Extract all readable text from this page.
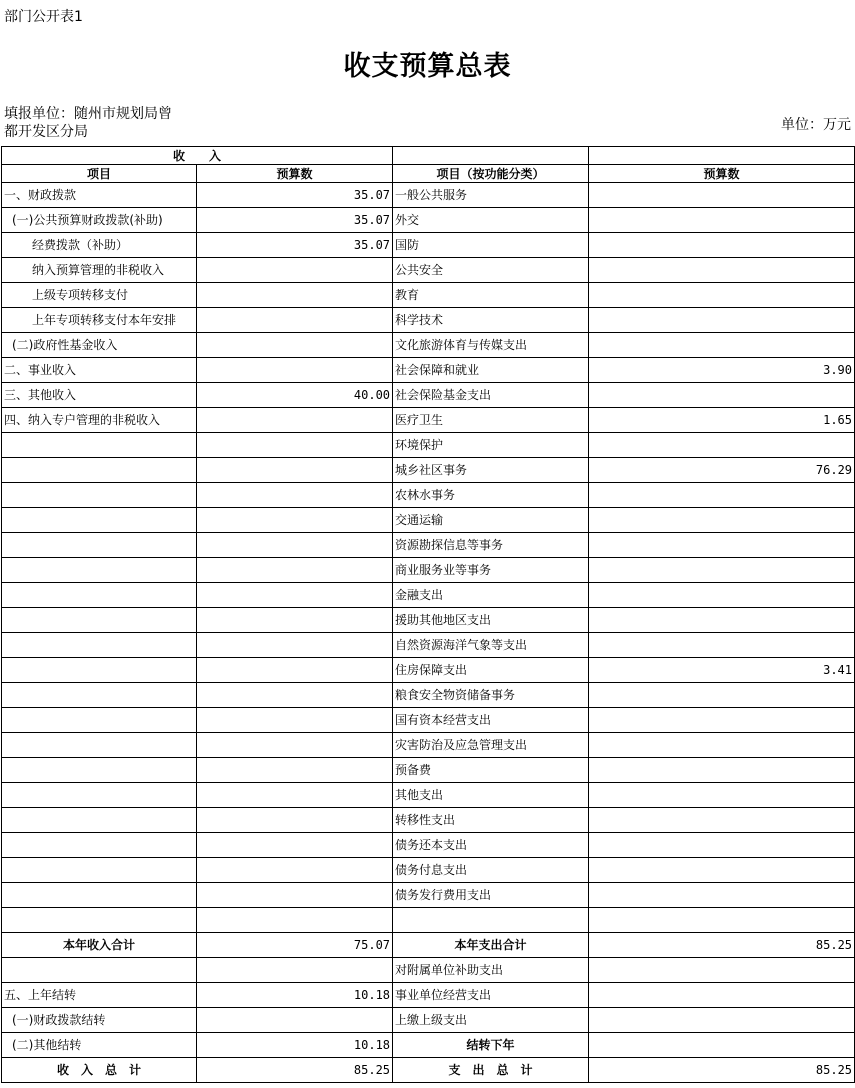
部门公开表1
收支预算总表
填报单位：随州市规划局曾
都开发区分局	单位：万元
收　　入			
项目	预算数	项目（按功能分类）	预算数
一、财政拨款	35.07	一般公共服务	
(一)公共预算财政拨款(补助)	35.07	外交	
经费拨款（补助）	35.07	国防	
纳入预算管理的非税收入		公共安全	
上级专项转移支付		教育	
上年专项转移支付本年安排		科学技术	
(二)政府性基金收入		文化旅游体育与传媒支出	
二、事业收入		社会保障和就业	3.90
三、其他收入	40.00	社会保险基金支出	
四、纳入专户管理的非税收入		医疗卫生	1.65
		环境保护	
		城乡社区事务	76.29
		农林水事务	
		交通运输	
		资源勘探信息等事务	
		商业服务业等事务	
		金融支出	
		援助其他地区支出	
		自然资源海洋气象等支出	
		住房保障支出	3.41
		粮食安全物资储备事务	
		国有资本经营支出	
		灾害防治及应急管理支出	
		预备费	
		其他支出	
		转移性支出	
		债务还本支出	
		债务付息支出	
		债务发行费用支出	

本年收入合计	75.07	本年支出合计	85.25
		对附属单位补助支出	
五、上年结转	10.18	事业单位经营支出	
(一)财政拨款结转		上缴上级支出	
(二)其他结转	10.18	结转下年	
收　入　总　计	85.25	支　出　总　计	85.25
